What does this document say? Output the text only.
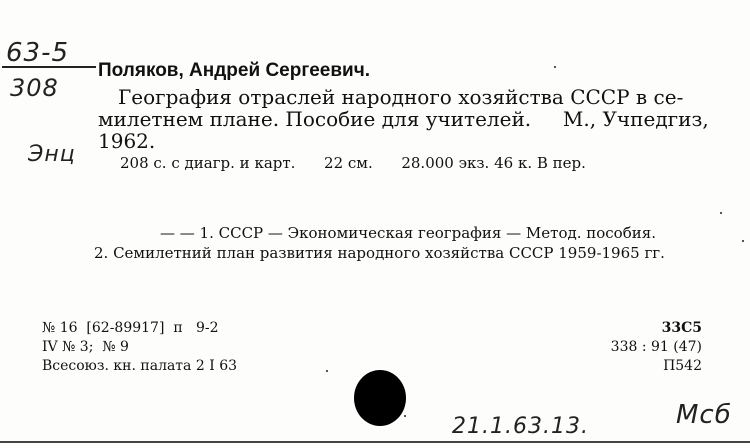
63-5
308
Энц
Поляков, Андрей Сергеевич.
География отраслей народного хозяйства СССР в се-
милетнем плане. Пособие для учителей.     М., Учпедгиз,
1962.
208 с. с диагр. и карт.      22 см.      28.000 экз. 46 к. В пер.
— — 1. СССР — Экономическая география — Метод. пособия.
2. Семилетний план развития народного хозяйства СССР 1959-1965 гг.
№ 16  [62-89917]  п   9-2
IV № 3;  № 9
Всесоюз. кн. палата 2 I 63
33С5
338 : 91 (47)
П542
21.1.63.13.	Мсб
